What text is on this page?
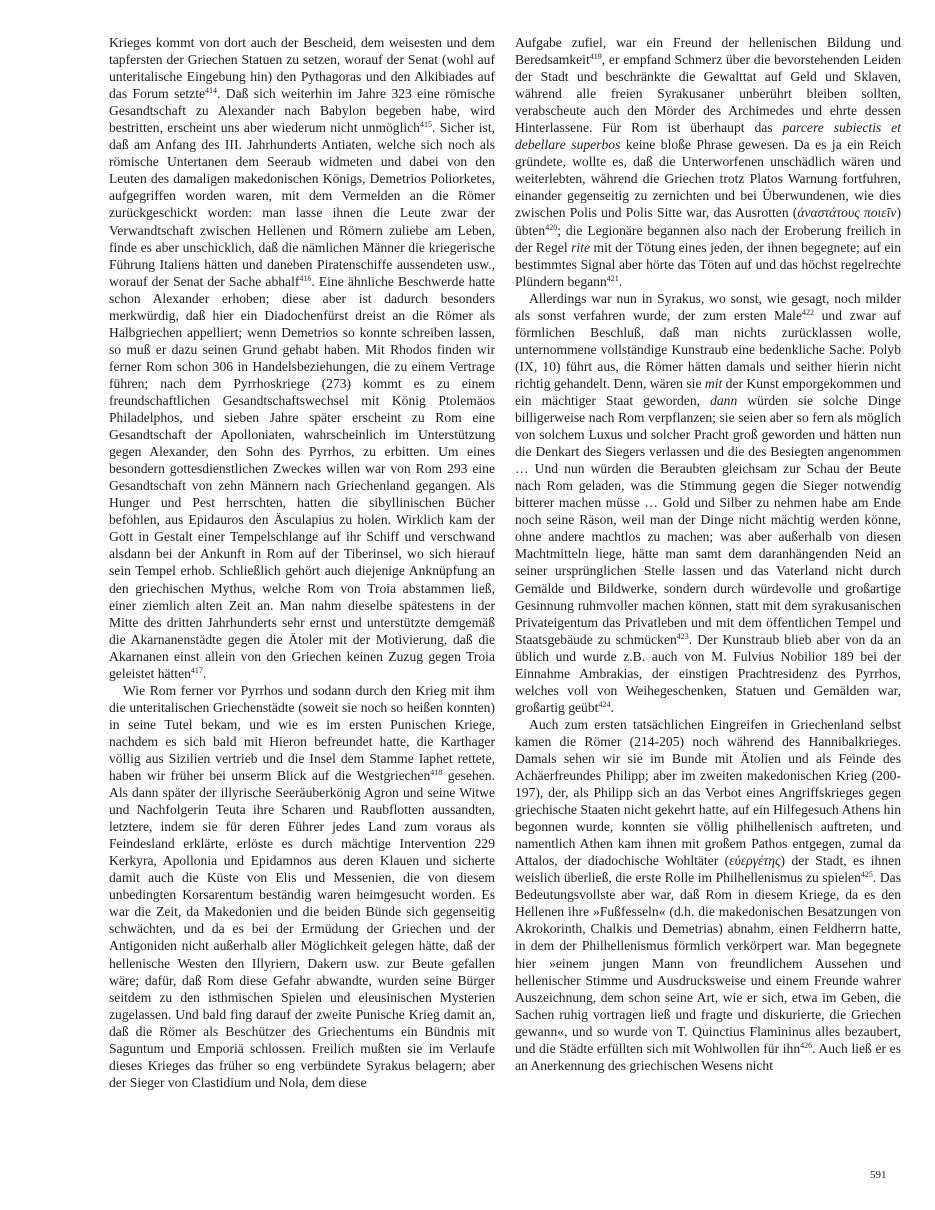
Krieges kommt von dort auch der Bescheid, dem weisesten und dem tapfersten der Griechen Statuen zu setzen, worauf der Senat (wohl auf unteritalische Eingebung hin) den Pythagoras und den Alkibiades auf das Forum setzte$^{414}$. Daß sich weiterhin im Jahre 323 eine römische Gesandtschaft zu Alexander nach Babylon begeben habe, wird bestritten, erscheint uns aber wiederum nicht unmöglich$^{415}$. Sicher ist, daß am Anfang des III. Jahrhunderts Antiaten, welche sich noch als römische Untertanen dem Seeraub widmeten und dabei von den Leuten des damaligen makedonischen Königs, Demetrios Poliorketes, aufgegriffen worden waren, mit dem Vermelden an die Römer zurückgeschickt worden: man lasse ihnen die Leute zwar der Verwandtschaft zwischen Hellenen und Römern zuliebe am Leben, finde es aber unschicklich, daß die nämlichen Männer die kriegerische Führung Italiens hätten und daneben Piratenschiffe aussendeten usw., worauf der Senat der Sache abhalf$^{416}$. Eine ähnliche Beschwerde hatte schon Alexander erhoben; diese aber ist dadurch besonders merkwürdig, daß hier ein Diadochenfürst dreist an die Römer als Halbgriechen appelliert; wenn Demetrios so konnte schreiben lassen, so muß er dazu seinen Grund gehabt haben. Mit Rhodos finden wir ferner Rom schon 306 in Handelsbeziehungen, die zu einem Vertrage führen; nach dem Pyrrhoskriege (273) kommt es zu einem freundschaftlichen Gesandtschaftswechsel mit König Ptolemäos Philadelphos, und sieben Jahre später erscheint zu Rom eine Gesandtschaft der Apolloniaten, wahrscheinlich im Unterstützung gegen Alexander, den Sohn des Pyrrhos, zu erbitten. Um eines besondern gottesdienstlichen Zweckes willen war von Rom 293 eine Gesandtschaft von zehn Männern nach Griechenland gegangen. Als Hunger und Pest herrschten, hatten die sibyllinischen Bücher befohlen, aus Epidauros den Äsculapius zu holen. Wirklich kam der Gott in Gestalt einer Tempelschlange auf ihr Schiff und verschwand alsdann bei der Ankunft in Rom auf der Tiberinsel, wo sich hierauf sein Tempel erhob. Schließlich gehört auch diejenige Anknüpfung an den griechischen Mythus, welche Rom von Troia abstammen ließ, einer ziemlich alten Zeit an. Man nahm dieselbe spätestens in der Mitte des dritten Jahrhunderts sehr ernst und unterstützte demgemäß die Akarnanenstädte gegen die Ätoler mit der Motivierung, daß die Akarnanen einst allein von den Griechen keinen Zuzug gegen Troia geleistet hätten$^{417}$.

Wie Rom ferner vor Pyrrhos und sodann durch den Krieg mit ihm die unteritalischen Griechenstädte (soweit sie noch so heißen konnten) in seine Tutel bekam, und wie es im ersten Punischen Kriege, nachdem es sich bald mit Hieron befreundet hatte, die Karthager völlig aus Sizilien vertrieb und die Insel dem Stamme Iaphet rettete, haben wir früher bei unserm Blick auf die Westgriechen$^{418}$ gesehen. Als dann später der illyrische Seeräuberkönig Agron und seine Witwe und Nachfolgerin Teuta ihre Scharen und Raubflotten aussandten, letztere, indem sie für deren Führer jedes Land zum voraus als Feindesland erklärte, erlöste es durch mächtige Intervention 229 Kerkyra, Apollonia und Epidamnos aus deren Klauen und sicherte damit auch die Küste von Elis und Messenien, die von diesem unbedingten Korsarentum beständig waren heimgesucht worden. Es war die Zeit, da Makedonien und die beiden Bünde sich gegenseitig schwächten, und da es bei der Ermüdung der Griechen und der Antigoniden nicht außerhalb aller Möglichkeit gelegen hätte, daß der hellenische Westen den Illyriern, Dakern usw. zur Beute gefallen wäre; dafür, daß Rom diese Gefahr abwandte, wurden seine Bürger seitdem zu den isthmischen Spielen und eleusinischen Mysterien zugelassen. Und bald fing darauf der zweite Punische Krieg damit an, daß die Römer als Beschützer des Griechentums ein Bündnis mit Saguntum und Emporiä schlossen. Freilich mußten sie im Verlaufe dieses Krieges das früher so eng verbündete Syrakus belagern; aber der Sieger von Clastidium und Nola, dem diese

Aufgabe zufiel, war ein Freund der hellenischen Bildung und Beredsamkeit$^{419}$, er empfand Schmerz über die bevorstehenden Leiden der Stadt und beschränkte die Gewalttat auf Geld und Sklaven, während alle freien Syrakusaner unberührt bleiben sollten, verabscheute auch den Mörder des Archimedes und ehrte dessen Hinterlassene. Für Rom ist überhaupt das parcere subiectis et debellare superbos keine bloße Phrase gewesen. Da es ja ein Reich gründete, wollte es, daß die Unterworfenen unschädlich wären und weiterlebten, während die Griechen trotz Platos Warnung fortfuhren, einander gegenseitig zu zernichten und bei Überwundenen, wie dies zwischen Polis und Polis Sitte war, das Ausrotten (ἀναστάτους ποιεῖν) übten$^{420}$; die Legionäre begannen also nach der Eroberung freilich in der Regel rite mit der Tötung eines jeden, der ihnen begegnete; auf ein bestimmtes Signal aber hörte das Töten auf und das höchst regelrechte Plündern begann$^{421}$.

Allerdings war nun in Syrakus, wo sonst, wie gesagt, noch milder als sonst verfahren wurde, der zum ersten Male$^{422}$ und zwar auf förmlichen Beschluß, daß man nichts zurücklassen wolle, unternommene vollständige Kunstraub eine bedenkliche Sache. Polyb (IX, 10) führt aus, die Römer hätten damals und seither hierin nicht richtig gehandelt. Denn, wären sie mit der Kunst emporgekommen und ein mächtiger Staat geworden, dann würden sie solche Dinge billigerweise nach Rom verpflanzen; sie seien aber so fern als möglich von solchem Luxus und solcher Pracht groß geworden und hätten nun die Denkart des Siegers verlassen und die des Besiegten angenommen … Und nun würden die Beraubten gleichsam zur Schau der Beute nach Rom geladen, was die Stimmung gegen die Sieger notwendig bitterer machen müsse … Gold und Silber zu nehmen habe am Ende noch seine Räson, weil man der Dinge nicht mächtig werden könne, ohne andere machtlos zu machen; was aber außerhalb von diesen Machtmitteln liege, hätte man samt dem daranhängenden Neid an seiner ursprünglichen Stelle lassen und das Vaterland nicht durch Gemälde und Bildwerke, sondern durch würdevolle und großartige Gesinnung ruhmvoller machen können, statt mit dem syrakusanischen Privateigentum das Privatleben und mit dem öffentlichen Tempel und Staatsgebäude zu schmücken$^{423}$. Der Kunstraub blieb aber von da an üblich und wurde z.B. auch von M. Fulvius Nobilior 189 bei der Einnahme Ambrakias, der einstigen Prachtresidenz des Pyrrhos, welches voll von Weihegeschenken, Statuen und Gemälden war, großartig geübt$^{424}$.

Auch zum ersten tatsächlichen Eingreifen in Griechenland selbst kamen die Römer (214-205) noch während des Hannibalkrieges. Damals sehen wir sie im Bunde mit Ätolien und als Feinde des Achäerfreundes Philipp; aber im zweiten makedonischen Krieg (200-197), der, als Philipp sich an das Verbot eines Angriffskrieges gegen griechische Staaten nicht gekehrt hatte, auf ein Hilfegesuch Athens hin begonnen wurde, konnten sie völlig philhellenisch auftreten, und namentlich Athen kam ihnen mit großem Pathos entgegen, zumal da Attalos, der diadochische Wohltäter (εὐεργέτης) der Stadt, es ihnen weislich überließ, die erste Rolle im Philhellenismus zu spielen$^{425}$. Das Bedeutungsvollste aber war, daß Rom in diesem Kriege, da es den Hellenen ihre »Fußfesseln« (d.h. die makedonischen Besatzungen von Akrokorinth, Chalkis und Demetrias) abnahm, einen Feldherrn hatte, in dem der Philhellenismus förmlich verkörpert war. Man begegnete hier »einem jungen Mann von freundlichem Aussehen und hellenischer Stimme und Ausdrucksweise und einem Freunde wahrer Auszeichnung, dem schon seine Art, wie er sich, etwa im Geben, die Sachen ruhig vortragen ließ und fragte und diskurierte, die Griechen gewann«, und so wurde von T. Quinctius Flamininus alles bezaubert, und die Städte erfüllten sich mit Wohlwollen für ihn$^{426}$. Auch ließ er es an Anerkennung des griechischen Wesens nicht

591
